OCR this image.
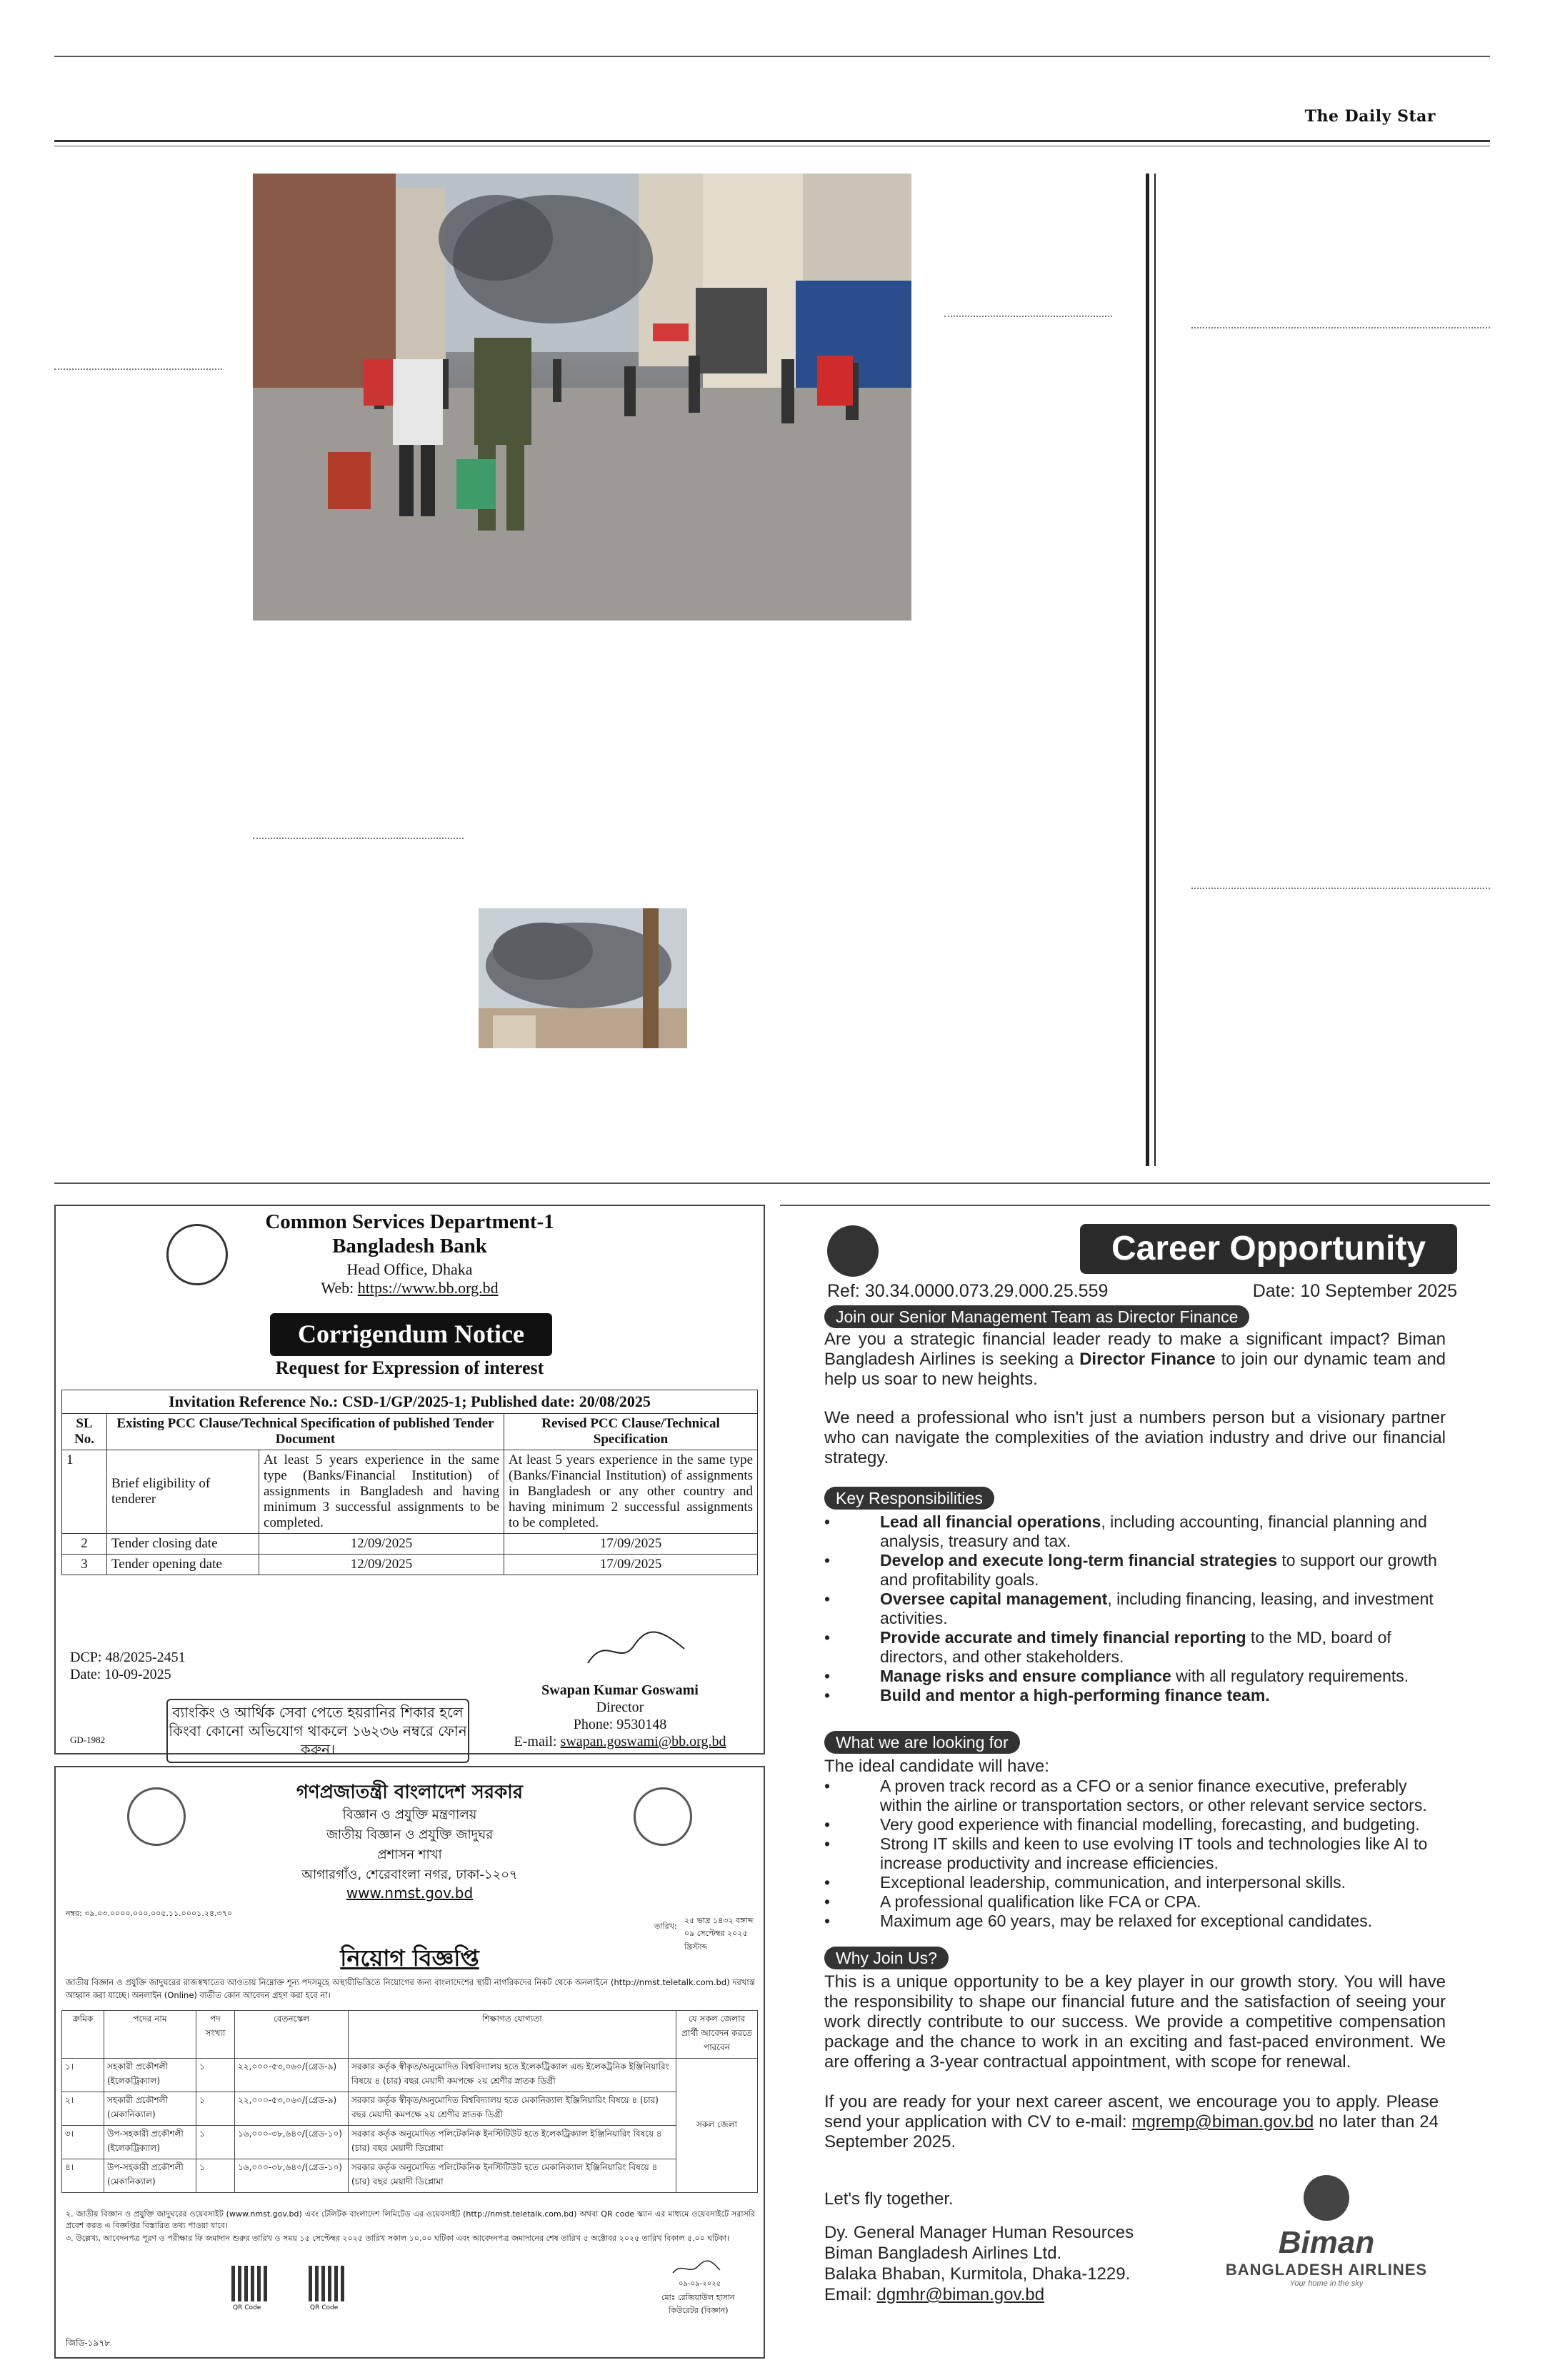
The Daily Star
Common Services Department-1
Bangladesh Bank
Head Office, Dhaka
Web: https://www.bb.org.bd
Corrigendum Notice
Request for Expression of interest
Invitation Reference No.: CSD-1/GP/2025-1; Published date: 20/08/2025			
SL No.	Existing PCC Clause/Technical Specification of published Tender Document		Revised PCC Clause/Technical Specification
1	Brief eligibility of tenderer	At least 5 years experience in the same type (Banks/Financial Institution) of assignments in Bangladesh and having minimum 3 successful assignments to be completed.	At least 5 years experience in the same type (Banks/Financial Institution) of assignments in Bangladesh or any other country and having minimum 2 successful assignments to be completed.
2	Tender closing date	12/09/2025	17/09/2025
3	Tender opening date	12/09/2025	17/09/2025
DCP: 48/2025-2451
Date: 10-09-2025
Swapan Kumar Goswami
Director
Phone: 9530148
E-mail: swapan.goswami@bb.org.bd
ব্যাংকিং ও আর্থিক সেবা পেতে হয়রানির শিকার হলে কিংবা কোনো অভিযোগ থাকলে ১৬২৩৬ নম্বরে ফোন করুন।
GD-1982
গণপ্রজাতন্ত্রী বাংলাদেশ সরকার
বিজ্ঞান ও প্রযুক্তি মন্ত্রণালয়
জাতীয় বিজ্ঞান ও প্রযুক্তি জাদুঘর
প্রশাসন শাখা
আগারগাঁও, শেরেবাংলা নগর, ঢাকা-১২০৭
www.nmst.gov.bd
নম্বর: ৩৯.০৩.০০০০.০০০.০০৫.১১.০০০১.২৪.৩৭০
তারিখ:
২৫ ভাদ্র ১৪৩২ বঙ্গাব্দ
০৯ সেপ্টেম্বর ২০২৫ খ্রিস্টাব্দ
নিয়োগ বিজ্ঞপ্তি
জাতীয় বিজ্ঞান ও প্রযুক্তি জাদুঘরের রাজস্বখাতের আওতায় নিম্নোক্ত শূন্য পদসমূহে অস্থায়ীভিত্তিতে নিয়োগের জন্য বাংলাদেশের স্থায়ী নাগরিকদের নিকট থেকে অনলাইনে (http://nmst.teletalk.com.bd) দরখাস্ত আহ্বান করা যাচ্ছে। অনলাইন (Online) ব্যতীত কোন আবেদন গ্রহণ করা হবে না।
ক্রমিক	পদের নাম	পদ সংখ্যা	বেতনস্কেল	শিক্ষাগত যোগ্যতা	যে সকল জেলার প্রার্থী আবেদন করতে পারবেন
১।	সহকারী প্রকৌশলী (ইলেকট্রিক্যাল)	১	২২,০০০-৫৩,০৬০/(গ্রেড-৯)	সরকার কর্তৃক স্বীকৃত/অনুমোদিত বিশ্ববিদ্যালয় হতে ইলেকট্রিক্যাল এন্ড ইলেকট্রনিক ইঞ্জিনিয়ারিং বিষয়ে ৪ (চার) বছর মেয়াদী কমপক্ষে ২য় শ্রেণীর স্নাতক ডিগ্রী	সকল জেলা
২।	সহকারী প্রকৌশলী (মেকানিক্যাল)	১	২২,০০০-৫৩,০৬০/(গ্রেড-৯)	সরকার কর্তৃক স্বীকৃত/অনুমোদিত বিশ্ববিদ্যালয় হতে মেকানিক্যাল ইঞ্জিনিয়ারিং বিষয়ে ৪ (চার) বছর মেয়াদী কমপক্ষে ২য় শ্রেণীর স্নাতক ডিগ্রী	
৩।	উপ-সহকারী প্রকৌশলী (ইলেকট্রিক্যাল)	১	১৬,০০০-৩৮,৬৪০/(গ্রেড-১০)	সরকার কর্তৃক অনুমোদিত পলিটেকনিক ইনস্টিটিউট হতে ইলেকট্রিক্যাল ইঞ্জিনিয়ারিং বিষয়ে ৪ (চার) বছর মেয়াদী ডিপ্লোমা	
৪।	উপ-সহকারী প্রকৌশলী (মেকানিক্যাল)	১	১৬,০০০-৩৮,৬৪০/(গ্রেড-১০)	সরকার কর্তৃক অনুমোদিত পলিটেকনিক ইনস্টিটিউট হতে মেকানিক্যাল ইঞ্জিনিয়ারিং বিষয়ে ৪ (চার) বছর মেয়াদী ডিপ্লোমা	
২. জাতীয় বিজ্ঞান ও প্রযুক্তি জাদুঘরের ওয়েবসাইট (www.nmst.gov.bd) এবং টেলিটক বাংলাদেশ লিমিটেড এর ওয়েবসাইট (http://nmst.teletalk.com.bd) অথবা QR code স্ক্যান এর মাধ্যমে ওয়েবসাইটে সরাসরি প্রবেশ করত এ বিজ্ঞপ্তির বিস্তারিত তথ্য পাওয়া যাবে।
৩. উল্লেখ্য, আবেদনপত্র পূরণ ও পরীক্ষার ফি জমাদান শুরুর তারিখ ও সময় ১৫ সেপ্টেম্বর ২০২৫ তারিখ সকাল ১০.০০ ঘটিকা এবং আবেদনপত্র জমাদানের শেষ তারিখ ৫ অক্টোবর ২০২৫ তারিখ বিকাল ৫.০০ ঘটিকা।
QR Code	QR Code
০৯-০৯-২০২৫
মোঃ রেজিয়াউল হাসান
কিউরেটর (বিজ্ঞান)
জিডি-১৯৭৮
Career Opportunity
Ref: 30.34.0000.073.29.000.25.559	Date: 10 September 2025
Join our Senior Management Team as Director Finance
Are you a strategic financial leader ready to make a significant impact? Biman Bangladesh Airlines is seeking a Director Finance to join our dynamic team and help us soar to new heights.
We need a professional who isn't just a numbers person but a visionary partner who can navigate the complexities of the aviation industry and drive our financial strategy.
Key Responsibilities
• Lead all financial operations, including accounting, financial planning and analysis, treasury and tax.
• Develop and execute long-term financial strategies to support our growth and profitability goals.
• Oversee capital management, including financing, leasing, and investment activities.
• Provide accurate and timely financial reporting to the MD, board of directors, and other stakeholders.
• Manage risks and ensure compliance with all regulatory requirements.
• Build and mentor a high-performing finance team.
What we are looking for
The ideal candidate will have:
• A proven track record as a CFO or a senior finance executive, preferably within the airline or transportation sectors, or other relevant service sectors.
• Very good experience with financial modelling, forecasting, and budgeting.
• Strong IT skills and keen to use evolving IT tools and technologies like AI to increase productivity and increase efficiencies.
• Exceptional leadership, communication, and interpersonal skills.
• A professional qualification like FCA or CPA.
• Maximum age 60 years, may be relaxed for exceptional candidates.
Why Join Us?
This is a unique opportunity to be a key player in our growth story. You will have the responsibility to shape our financial future and the satisfaction of seeing your work directly contribute to our success. We provide a competitive compensation package and the chance to work in an exciting and fast-paced environment. We are offering a 3-year contractual appointment, with scope for renewal.
If you are ready for your next career ascent, we encourage you to apply. Please send your application with CV to e-mail: mgremp@biman.gov.bd no later than 24 September 2025.
Let's fly together.
Dy. General Manager Human Resources
Biman Bangladesh Airlines Ltd.
Balaka Bhaban, Kurmitola, Dhaka-1229.
Email: dgmhr@biman.gov.bd
Biman
BANGLADESH AIRLINES
Your home in the sky
